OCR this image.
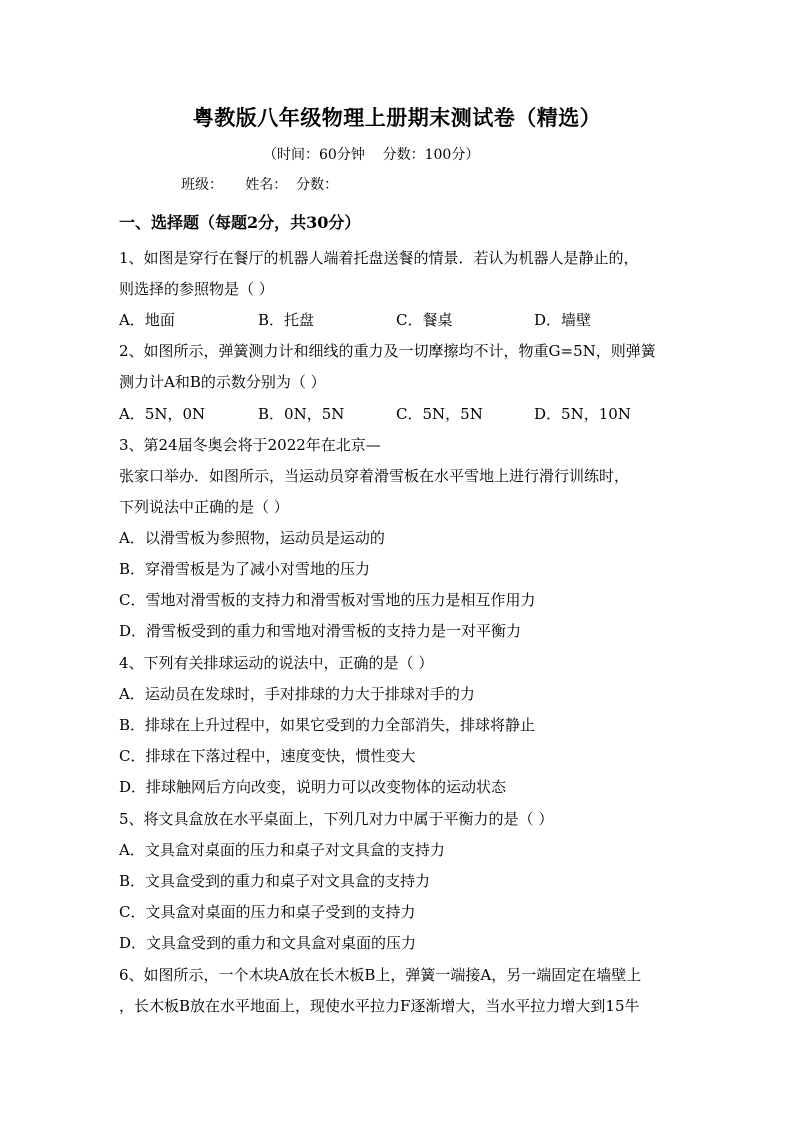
粤教版八年级物理上册期末测试卷（精选）
（时间：60分钟    分数：100分）
班级：     姓名：  分数：
一、选择题（每题2分，共30分）
1、如图是穿行在餐厅的机器人端着托盘送餐的情景．若认为机器人是静止的，
则选择的参照物是（ ）
A．地面	B．托盘	C．餐桌	D．墙壁
2、如图所示，弹簧测力计和细线的重力及一切摩擦均不计，物重G=5N，则弹簧
测力计A和B的示数分别为（ ）
A．5N，0N	B．0N，5N	C．5N，5N	D．5N，10N
3、第24届冬奥会将于2022年在北京—
张家口举办．如图所示，当运动员穿着滑雪板在水平雪地上进行滑行训练时，
下列说法中正确的是（ ）
A．以滑雪板为参照物，运动员是运动的
B．穿滑雪板是为了减小对雪地的压力
C．雪地对滑雪板的支持力和滑雪板对雪地的压力是相互作用力
D．滑雪板受到的重力和雪地对滑雪板的支持力是一对平衡力
4、下列有关排球运动的说法中，正确的是（ ）
A．运动员在发球时，手对排球的力大于排球对手的力
B．排球在上升过程中，如果它受到的力全部消失，排球将静止
C．排球在下落过程中，速度变快，惯性变大
D．排球触网后方向改变，说明力可以改变物体的运动状态
5、将文具盒放在水平桌面上，下列几对力中属于平衡力的是（ ）
A．文具盒对桌面的压力和桌子对文具盒的支持力
B．文具盒受到的重力和桌子对文具盒的支持力
C．文具盒对桌面的压力和桌子受到的支持力
D．文具盒受到的重力和文具盒对桌面的压力
6、如图所示，一个木块A放在长木板B上，弹簧一端接A，另一端固定在墙壁上
，长木板B放在水平地面上，现使水平拉力F逐渐增大，当水平拉力增大到15牛
